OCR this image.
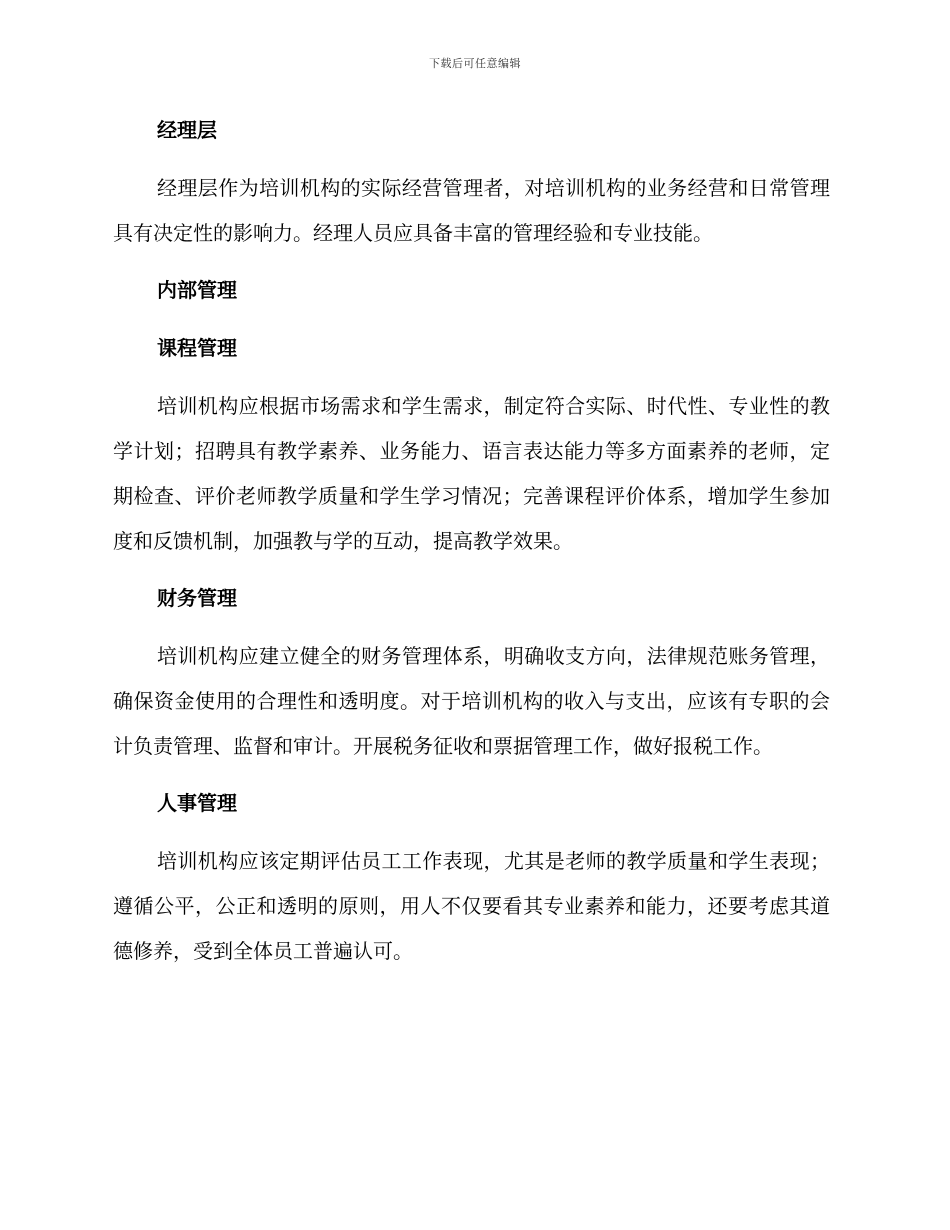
下载后可任意编辑
经理层
经理层作为培训机构的实际经营管理者，对培训机构的业务经营和日常管理具有决定性的影响力。经理人员应具备丰富的管理经验和专业技能。
内部管理
课程管理
培训机构应根据市场需求和学生需求，制定符合实际、时代性、专业性的教学计划；招聘具有教学素养、业务能力、语言表达能力等多方面素养的老师，定期检查、评价老师教学质量和学生学习情况；完善课程评价体系，增加学生参加度和反馈机制，加强教与学的互动，提高教学效果。
财务管理
培训机构应建立健全的财务管理体系，明确收支方向，法律规范账务管理，确保资金使用的合理性和透明度。对于培训机构的收入与支出，应该有专职的会计负责管理、监督和审计。开展税务征收和票据管理工作，做好报税工作。
人事管理
培训机构应该定期评估员工工作表现，尤其是老师的教学质量和学生表现；遵循公平，公正和透明的原则，用人不仅要看其专业素养和能力，还要考虑其道德修养，受到全体员工普遍认可。
